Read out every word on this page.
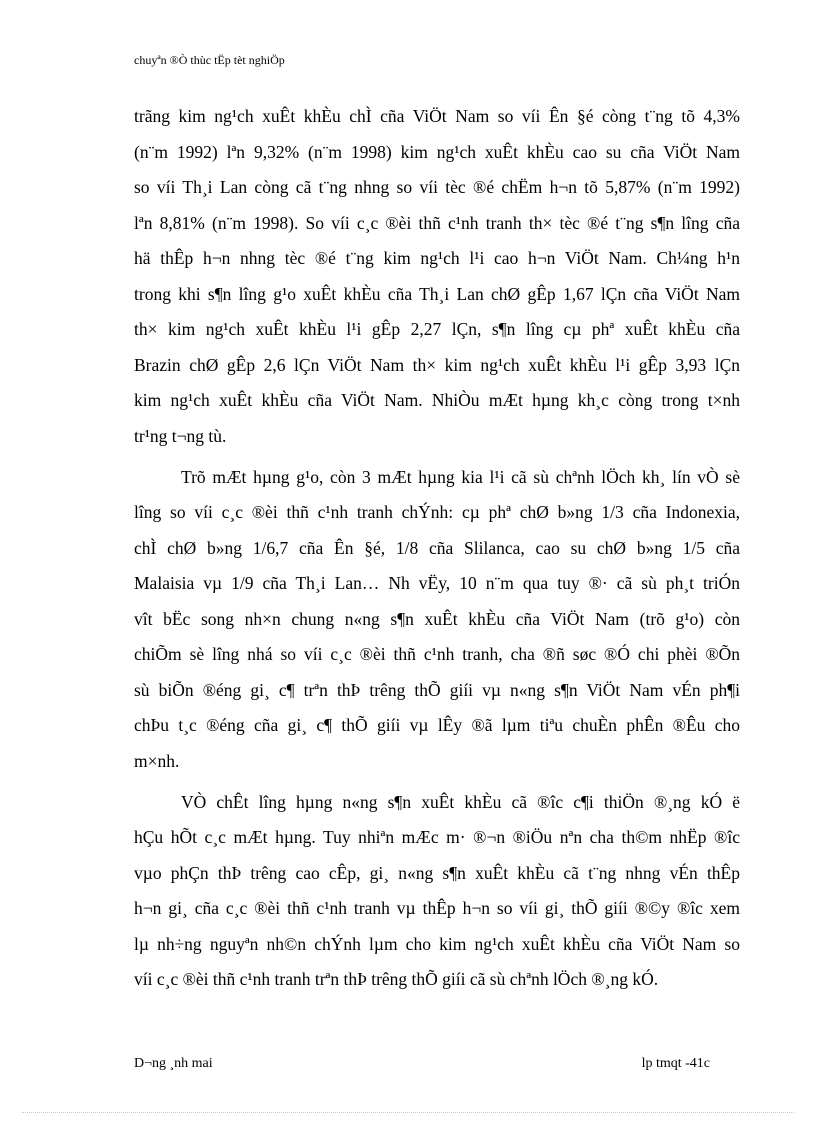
chuyªn ®Ò thùc tËp tèt nghiÖp
trãng kim ng¹ch xuÊt khÈu chÌ cña ViÖt Nam so víi Ên §é còng t¨ng tõ 4,3%
(n¨m 1992) lªn 9,32% (n¨m 1998) kim ng¹ch xuÊt khÈu cao su cña ViÖt Nam
so víi Th¸i Lan còng cã t¨ng nhng so víi tèc ®é chËm h¬n tõ 5,87% (n¨m 1992)
lªn 8,81% (n¨m 1998). So víi c¸c ®èi thñ c¹nh tranh th× tèc ®é t¨ng s¶n lîng cña
hä thÊp h¬n nhng tèc ®é t¨ng kim ng¹ch l¹i cao h¬n ViÖt Nam. Ch¼ng h¹n
trong khi s¶n lîng g¹o xuÊt khÈu cña Th¸i Lan chØ gÊp 1,67 lÇn cña ViÖt Nam
th× kim ng¹ch xuÊt khÈu l¹i gÊp 2,27 lÇn, s¶n lîng cµ phª xuÊt khÈu cña
Brazin chØ gÊp 2,6 lÇn ViÖt Nam th× kim ng¹ch xuÊt khÈu l¹i gÊp 3,93 lÇn
kim ng¹ch xuÊt khÈu cña ViÖt Nam. NhiÒu mÆt hµng kh¸c còng trong t×nh
tr¹ng t¬ng tù.
Trõ mÆt hµng g¹o, còn 3 mÆt hµng kia l¹i cã sù chªnh lÖch kh¸ lín vÒ sè
lîng so víi c¸c ®èi thñ c¹nh tranh chÝnh: cµ phª chØ b»ng 1/3 cña Indonexia,
chÌ chØ b»ng 1/6,7 cña Ên §é, 1/8 cña Slilanca, cao su chØ b»ng 1/5 cña
Malaisia vµ 1/9 cña Th¸i Lan… Nh vËy, 10 n¨m qua tuy ®· cã sù ph¸t triÓn
vît bËc song nh×n chung n«ng s¶n xuÊt khÈu cña ViÖt Nam (trõ g¹o) còn
chiÕm sè lîng nhá so víi c¸c ®èi thñ c¹nh tranh, cha ®ñ søc ®Ó chi phèi ®Õn
sù biÕn ®éng gi¸ c¶ trªn thÞ trêng thÕ giíi vµ n«ng s¶n ViÖt Nam vÉn ph¶i
chÞu t¸c ®éng cña gi¸ c¶ thÕ giíi vµ lÊy ®ã lµm tiªu chuÈn phÊn ®Êu cho
m×nh.
VÒ chÊt lîng hµng n«ng s¶n xuÊt khÈu cã ®îc c¶i thiÖn ®¸ng kÓ ë
hÇu hÕt c¸c mÆt hµng. Tuy nhiªn mÆc m· ®¬n ®iÖu nªn cha th©m nhËp ®îc
vµo phÇn thÞ trêng cao cÊp, gi¸ n«ng s¶n xuÊt khÈu cã t¨ng nhng vÉn thÊp
h¬n gi¸ cña c¸c ®èi thñ c¹nh tranh vµ thÊp h¬n so víi gi¸ thÕ giíi ®©y ®îc xem
lµ nh÷ng nguyªn nh©n chÝnh lµm cho kim ng¹ch xuÊt khÈu cña ViÖt Nam so
víi c¸c ®èi thñ c¹nh tranh trªn thÞ trêng thÕ giíi cã sù chªnh lÖch ®¸ng kÓ.
D¬ng ¸nh mai	lp tmqt -41c
